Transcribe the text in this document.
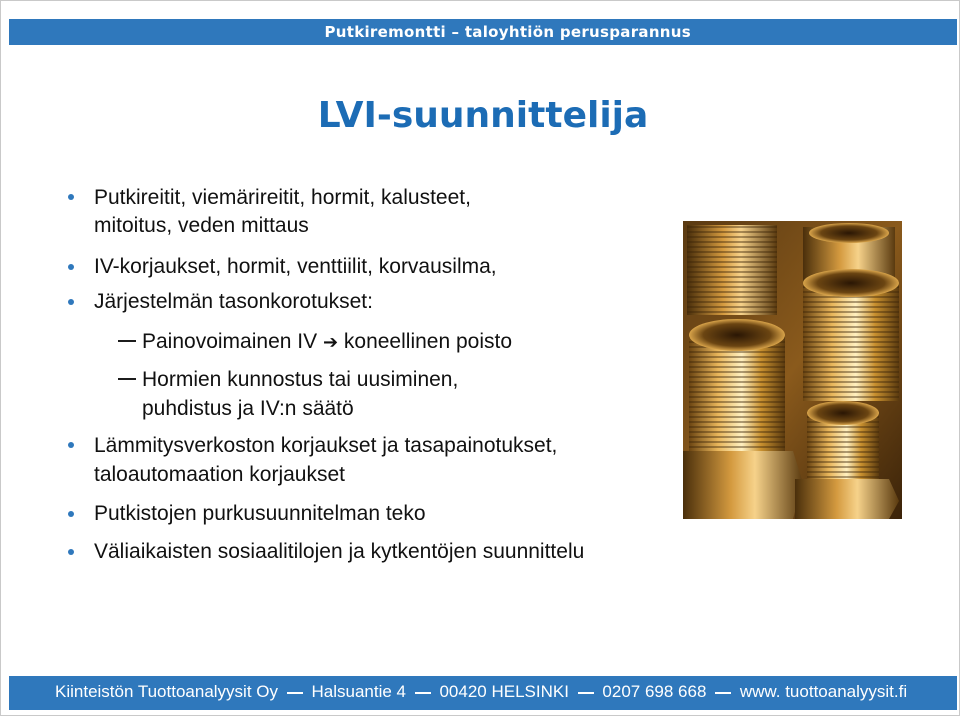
Putkiremontti – taloyhtiön perusparannus
LVI-suunnittelija
Putkireitit, viemärireitit, hormit, kalusteet,
mitoitus, veden mittaus
IV-korjaukset, hormit, venttiilit, korvausilma,
Järjestelmän tasonkorotukset:
Painovoimainen IV ➔ koneellinen poisto
Hormien kunnostus tai uusiminen,
puhdistus ja IV:n säätö
Lämmitysverkoston korjaukset ja tasapainotukset,
taloautomaation korjaukset
Putkistojen purkusuunnitelman teko
Väliaikaisten sosiaalitilojen ja kytkentöjen suunnittelu
Kiinteistön Tuottoanalyysit Oy Halsuantie 4 00420 HELSINKI 0207 698 668 www. tuottoanalyysit.fi
